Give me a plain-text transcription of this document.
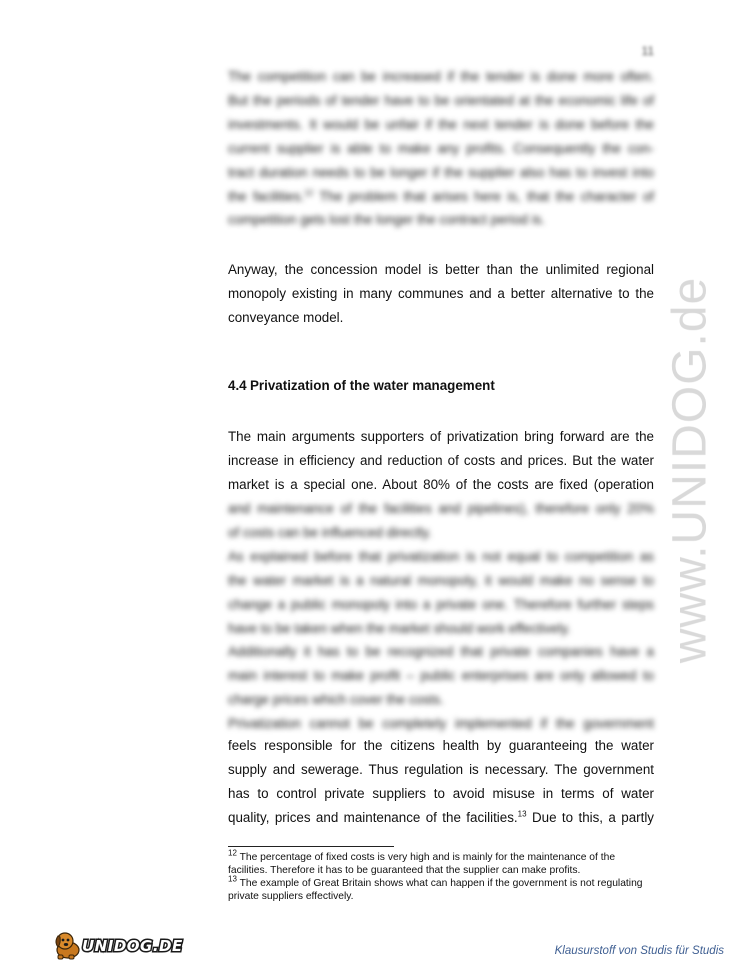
www.UNIDOG.de
11
The competition can be increased if the tender is done more often.
But the periods of tender have to be orientated at the economic life of
investments. It would be unfair if the next tender is done before the
current supplier is able to make any profits. Consequently the con-
tract duration needs to be longer if the supplier also has to invest into
the facilities.$^{12}$ The problem that arises here is, that the character of
competition gets lost the longer the contract period is.

Anyway, the concession model is better than the unlimited regional monopoly existing in many communes and a better alternative to the conveyance model.

4.4 Privatization of the water management
The main arguments supporters of privatization bring forward are the
increase in efficiency and reduction of costs and prices. But the water
market is a special one. About 80% of the costs are fixed (operation
and maintenance of the facilities and pipelines), therefore only 20%
of costs can be influenced directly.
As explained before that privatization is not equal to competition as
the water market is a natural monopoly, it would make no sense to
change a public monopoly into a private one. Therefore further steps
have to be taken when the market should work effectively.
Additionally it has to be recognized that private companies have a
main interest to make profit – public enterprises are only allowed to
charge prices which cover the costs.
Privatization cannot be completely implemented if the government
feels responsible for the citizens health by guaranteeing the water
supply and sewerage. Thus regulation is necessary. The government
has to control private suppliers to avoid misuse in terms of water
quality, prices and maintenance of the facilities.$^{13}$ Due to this, a partly

$^{12}$ The percentage of fixed costs is very high and is mainly for the maintenance of the facilities. Therefore it has to be guaranteed that the supplier can make profits.

$^{13}$ The example of Great Britain shows what can happen if the government is not regulating private suppliers effectively.

UNIDOG.DE	Klausurstoff von Studis für Studis
